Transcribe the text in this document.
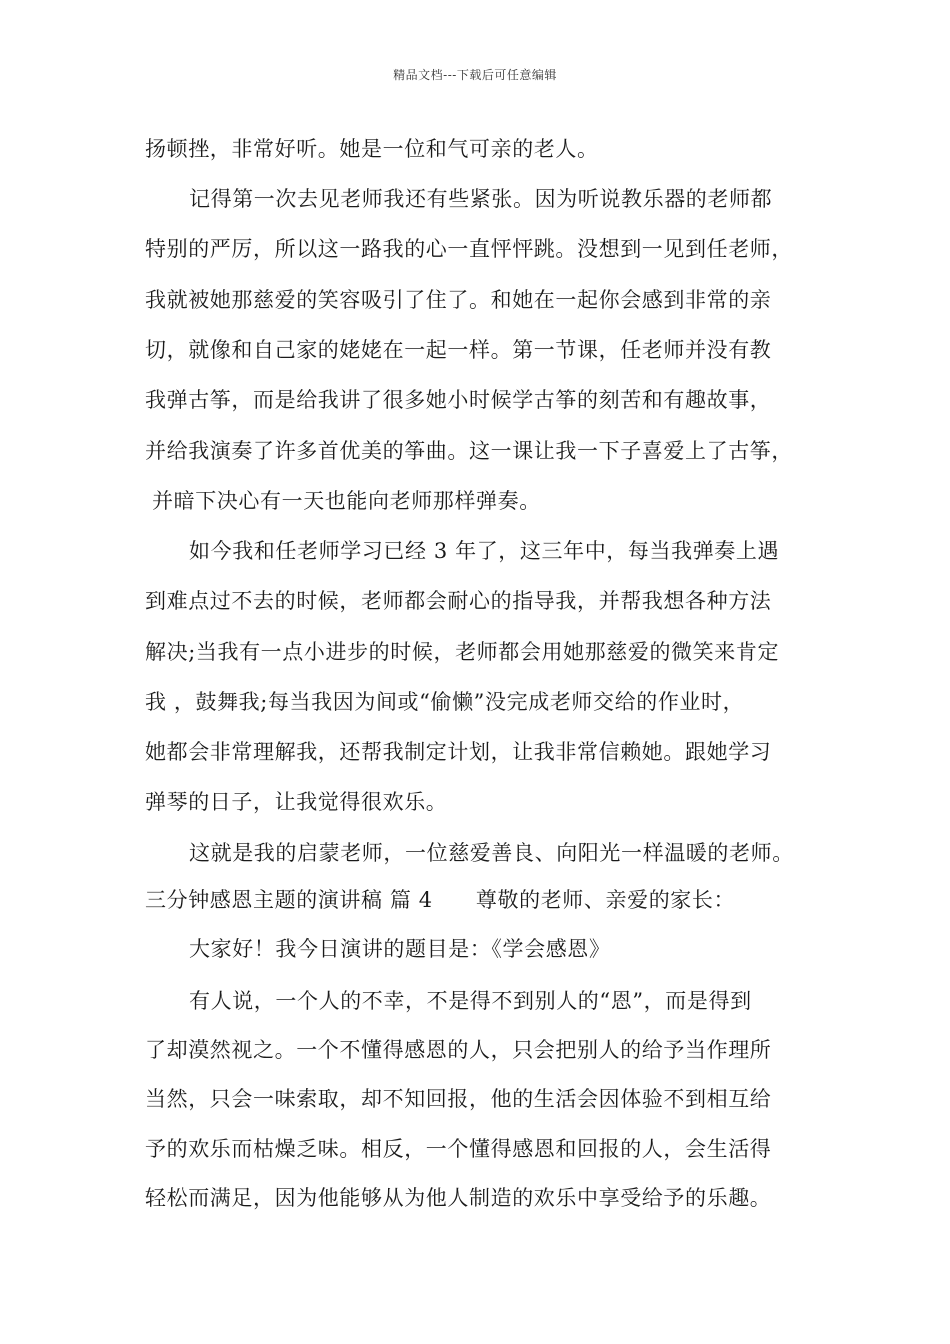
精品文档---下载后可任意编辑
扬顿挫，非常好听。她是一位和气可亲的老人。
记得第一次去见老师我还有些紧张。因为听说教乐器的老师都
特别的严厉，所以这一路我的心一直怦怦跳。没想到一见到任老师，
我就被她那慈爱的笑容吸引了住了。和她在一起你会感到非常的亲
切，就像和自己家的姥姥在一起一样。第一节课，任老师并没有教
我弹古筝，而是给我讲了很多她小时候学古筝的刻苦和有趣故事，
并给我演奏了许多首优美的筝曲。这一课让我一下子喜爱上了古筝，
并暗下决心有一天也能向老师那样弹奏。
如今我和任老师学习已经 3 年了，这三年中，每当我弹奏上遇
到难点过不去的时候，老师都会耐心的指导我，并帮我想各种方法
解决;当我有一点小进步的时候，老师都会用她那慈爱的微笑来肯定
我 ，鼓舞我;每当我因为间或“偷懒”没完成老师交给的作业时，
她都会非常理解我，还帮我制定计划，让我非常信赖她。跟她学习
弹琴的日子，让我觉得很欢乐。
这就是我的启蒙老师，一位慈爱善良、向阳光一样温暖的老师。
三分钟感恩主题的演讲稿 篇 4　　尊敬的老师、亲爱的家长：
大家好！我今日演讲的题目是：《学会感恩》
有人说，一个人的不幸，不是得不到别人的“恩”，而是得到
了却漠然视之。一个不懂得感恩的人，只会把别人的给予当作理所
当然，只会一味索取，却不知回报，他的生活会因体验不到相互给
予的欢乐而枯燥乏味。相反，一个懂得感恩和回报的人，会生活得
轻松而满足，因为他能够从为他人制造的欢乐中享受给予的乐趣。
